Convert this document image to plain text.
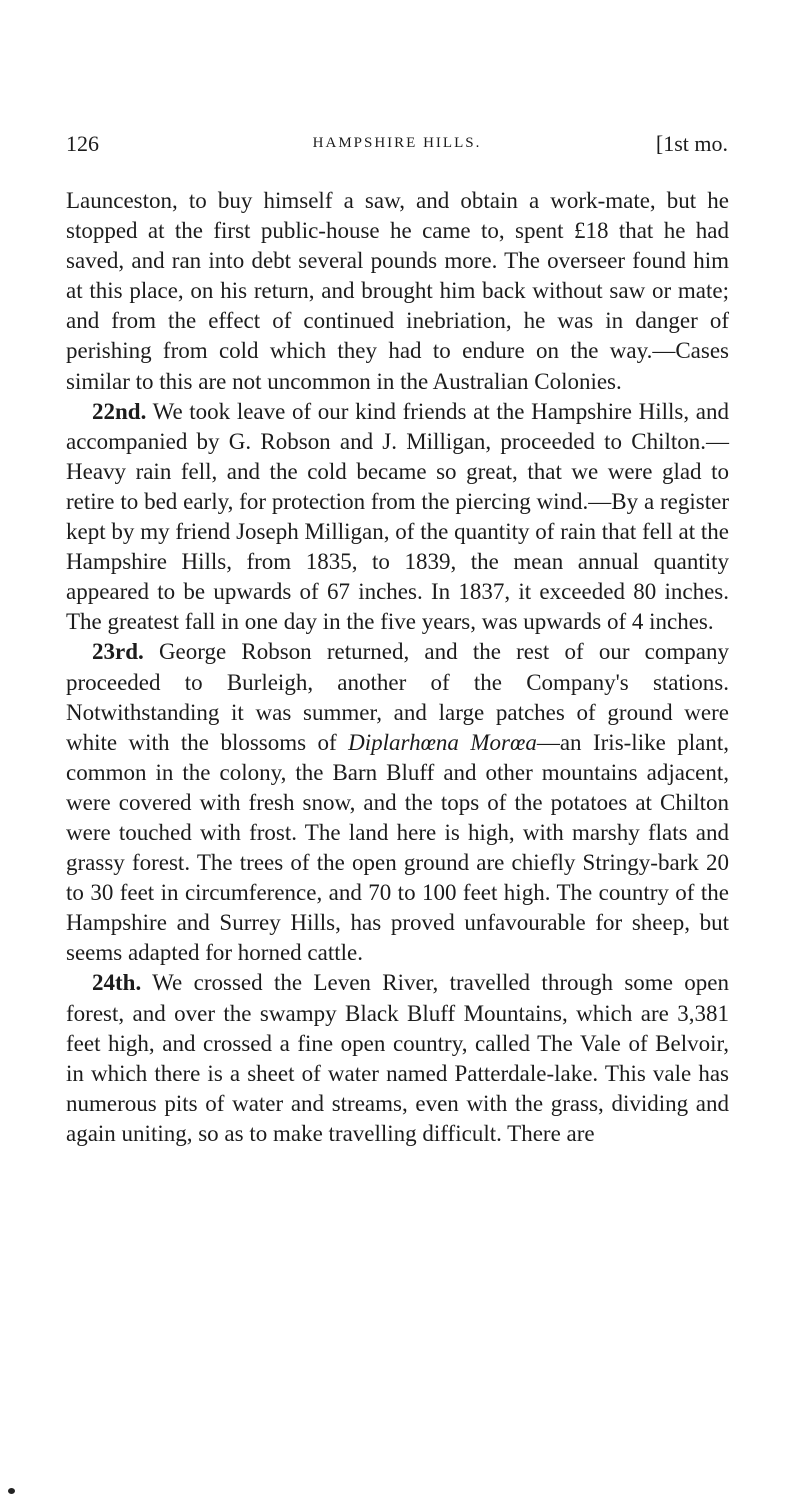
126	HAMPSHIRE HILLS.	[1st mo.

Launceston, to buy himself a saw, and obtain a work-mate, but he stopped at the first public-house he came to, spent £18 that he had saved, and ran into debt several pounds more. The overseer found him at this place, on his return, and brought him back without saw or mate; and from the effect of continued inebriation, he was in danger of perishing from cold which they had to endure on the way.—Cases similar to this are not uncommon in the Australian Colonies.

22nd. We took leave of our kind friends at the Hampshire Hills, and accompanied by G. Robson and J. Milligan, proceeded to Chilton.—Heavy rain fell, and the cold became so great, that we were glad to retire to bed early, for protection from the piercing wind.—By a register kept by my friend Joseph Milligan, of the quantity of rain that fell at the Hampshire Hills, from 1835, to 1839, the mean annual quantity appeared to be upwards of 67 inches. In 1837, it exceeded 80 inches. The greatest fall in one day in the five years, was upwards of 4 inches.

23rd. George Robson returned, and the rest of our company proceeded to Burleigh, another of the Company's stations. Notwithstanding it was summer, and large patches of ground were white with the blossoms of Diplarhœna Morœa—an Iris-like plant, common in the colony, the Barn Bluff and other mountains adjacent, were covered with fresh snow, and the tops of the potatoes at Chilton were touched with frost. The land here is high, with marshy flats and grassy forest. The trees of the open ground are chiefly Stringy-bark 20 to 30 feet in circumference, and 70 to 100 feet high. The country of the Hampshire and Surrey Hills, has proved unfavourable for sheep, but seems adapted for horned cattle.

24th. We crossed the Leven River, travelled through some open forest, and over the swampy Black Bluff Mountains, which are 3,381 feet high, and crossed a fine open country, called The Vale of Belvoir, in which there is a sheet of water named Patterdale-lake. This vale has numerous pits of water and streams, even with the grass, dividing and again uniting, so as to make travelling difficult. There are
